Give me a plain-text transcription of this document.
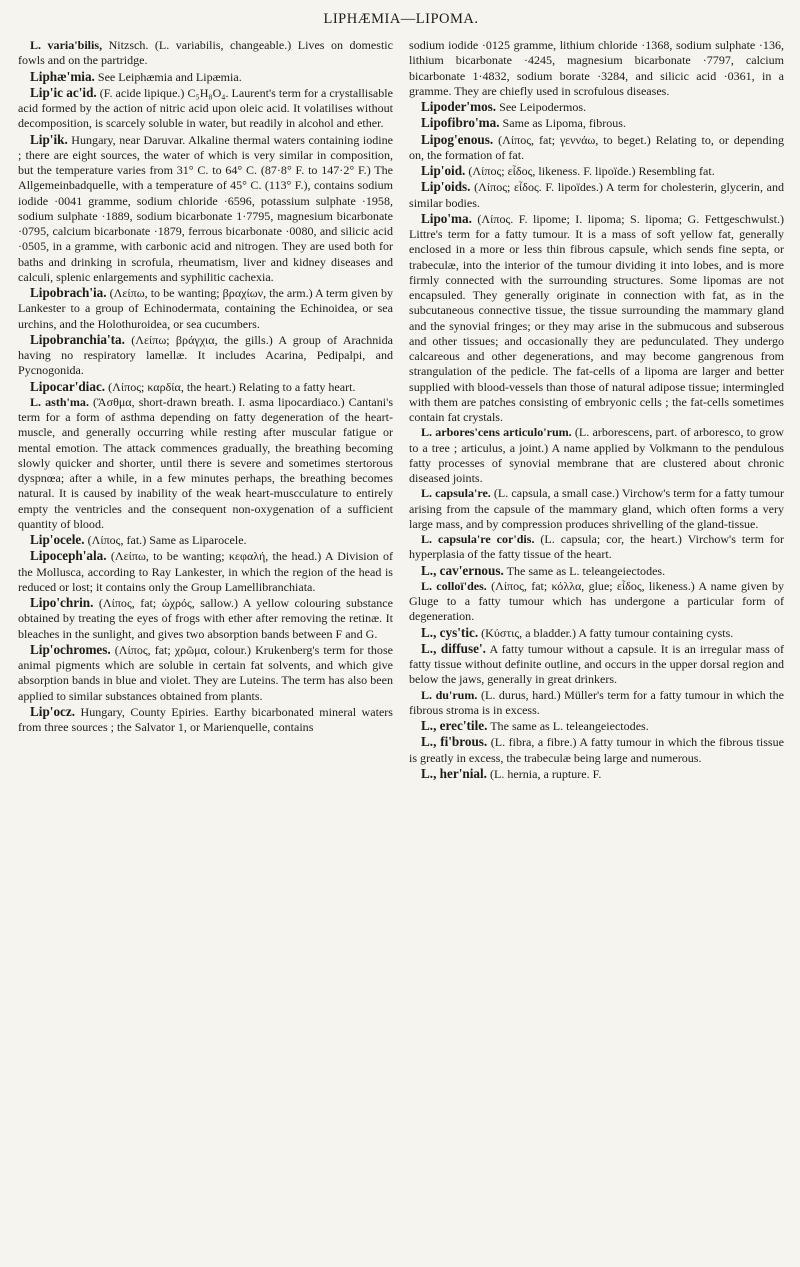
LIPHÆMIA—LIPOMA.

L. varia'bilis, Nitzsch. (L. variabilis, changeable.) Lives on domestic fowls and on the partridge.

Liphæ'mia. See Leiphæmia and Lipæmia.

Lip'ic ac'id. (F. acide lipique.) C₅H₈O₄. Laurent's term for a crystallisable acid formed by the action of nitric acid upon oleic acid. It volatilises without decomposition, is scarcely soluble in water, but readily in alcohol and ether.

Lip'ik. Hungary, near Daruvar. Alkaline thermal waters containing iodine ; there are eight sources, the water of which is very similar in composition, but the temperature varies from 31° C. to 64° C. (87·8° F. to 147·2° F.) The Allgemeinbadquelle, with a temperature of 45° C. (113° F.), contains sodium iodide ·0041 gramme, sodium chloride ·6596, potassium sulphate ·1958, sodium sulphate ·1889, sodium bicarbonate 1·7795, magnesium bicarbonate ·0795, calcium bicarbonate ·1879, ferrous bicarbonate ·0080, and silicic acid ·0505, in a gramme, with carbonic acid and nitrogen. They are used both for baths and drinking in scrofula, rheumatism, liver and kidney diseases and calculi, splenic enlargements and syphilitic cachexia.

Lipobrach'ia. (Λείπω, to be wanting; βραχίων, the arm.) A term given by Lankester to a group of Echinodermata, containing the Echinoidea, or sea urchins, and the Holothuroidea, or sea cucumbers.

Lipobranchia'ta. (Λείπω; βράγχια, the gills.) A group of Arachnida having no respiratory lamellæ. It includes Acarina, Pedipalpi, and Pycnogonida.

Lipocar'diac. (Λίπος; καρδία, the heart.) Relating to a fatty heart.

L. asth'ma. (Ἄσθμα, short-drawn breath. I. asma lipocardiaco.) Cantani's term for a form of asthma depending on fatty degeneration of the heart-muscle, and generally occurring while resting after muscular fatigue or mental emotion. The attack commences gradually, the breathing becoming slowly quicker and shorter, until there is severe and sometimes stertorous dyspnœa; after a while, in a few minutes perhaps, the breathing becomes natural. It is caused by inability of the weak heart-muscculature to entirely empty the ventricles and the consequent non-oxygenation of a sufficient quantity of blood.

Lip'ocele. (Λίπος, fat.) Same as Liparocele.

Lipoceph'ala. (Λείπω, to be wanting; κεφαλή, the head.) A Division of the Mollusca, according to Ray Lankester, in which the region of the head is reduced or lost; it contains only the Group Lamellibranchiata.

Lipo'chrin. (Λίπος, fat; ὠχρός, sallow.) A yellow colouring substance obtained by treating the eyes of frogs with ether after removing the retinæ. It bleaches in the sunlight, and gives two absorption bands between F and G.

Lip'ochromes. (Λίπος, fat; χρῶμα, colour.) Krukenberg's term for those animal pigments which are soluble in certain fat solvents, and which give absorption bands in blue and violet. They are Luteins. The term has also been applied to similar substances obtained from plants.

Lip'ocz. Hungary, County Epiries. Earthy bicarbonated mineral waters from three sources ; the Salvator 1, or Marienquelle, contains

sodium iodide ·0125 gramme, lithium chloride ·1368, sodium sulphate ·136, lithium bicarbonate ·4245, magnesium bicarbonate ·7797, calcium bicarbonate 1·4832, sodium borate ·3284, and silicic acid ·0361, in a gramme. They are chiefly used in scrofulous diseases.

Lipoder'mos. See Leipodermos.

Lipofibro'ma. Same as Lipoma, fibrous.

Lipog'enous. (Λίπος, fat; γεννάω, to beget.) Relating to, or depending on, the formation of fat.

Lip'oid. (Λίπος; εἶδος, likeness. F. lipoïde.) Resembling fat.

Lip'oids. (Λίπος; εἶδος. F. lipoïdes.) A term for cholesterin, glycerin, and similar bodies.

Lipo'ma. (Λίπος. F. lipome; I. lipoma; S. lipoma; G. Fettgeschwulst.) Littre's term for a fatty tumour. It is a mass of soft yellow fat, generally enclosed in a more or less thin fibrous capsule, which sends fine septa, or trabeculæ, into the interior of the tumour dividing it into lobes, and is more firmly connected with the surrounding structures. Some lipomas are not encapsuled. They generally originate in connection with fat, as in the subcutaneous connective tissue, the tissue surrounding the mammary gland and the synovial fringes; or they may arise in the submucous and subserous and other tissues; and occasionally they are pedunculated. They undergo calcareous and other degenerations, and may become gangrenous from strangulation of the pedicle. The fat-cells of a lipoma are larger and better supplied with blood-vessels than those of natural adipose tissue; intermingled with them are patches consisting of embryonic cells ; the fat-cells sometimes contain fat crystals.

L. arbores'cens articulo'rum. (L. arborescens, part. of arboresco, to grow to a tree ; articulus, a joint.) A name applied by Volkmann to the pendulous fatty processes of synovial membrane that are clustered about chronic diseased joints.

L. capsula're. (L. capsula, a small case.) Virchow's term for a fatty tumour arising from the capsule of the mammary gland, which often forms a very large mass, and by compression produces shrivelling of the gland-tissue.

L. capsula're cor'dis. (L. capsula; cor, the heart.) Virchow's term for hyperplasia of the fatty tissue of the heart.

L., cav'ernous. The same as L. teleangeiectodes.

L. colloï'des. (Λίπος, fat; κόλλα, glue; εἶδος, likeness.) A name given by Gluge to a fatty tumour which has undergone a particular form of degeneration.

L., cys'tic. (Κύστις, a bladder.) A fatty tumour containing cysts.

L., diffuse'. A fatty tumour without a capsule. It is an irregular mass of fatty tissue without definite outline, and occurs in the upper dorsal region and below the jaws, generally in great drinkers.

L. du'rum. (L. durus, hard.) Müller's term for a fatty tumour in which the fibrous stroma is in excess.

L., erec'tile. The same as L. teleangeiectodes.

L., fi'brous. (L. fibra, a fibre.) A fatty tumour in which the fibrous tissue is greatly in excess, the trabeculæ being large and numerous.

L., her'nial. (L. hernia, a rupture. F.
